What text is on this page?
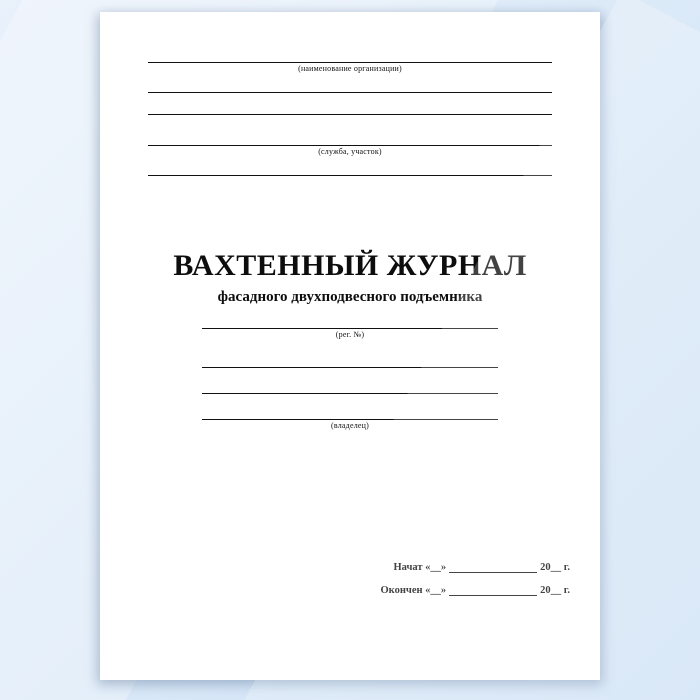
(наименование организации)
(служба, участок)
ВАХТЕННЫЙ ЖУРНАЛ
фасадного двухподвесного подъемника
(рег. №)
(владелец)
Начат «__»	20__ г.
Окончен «__»	20__ г.
